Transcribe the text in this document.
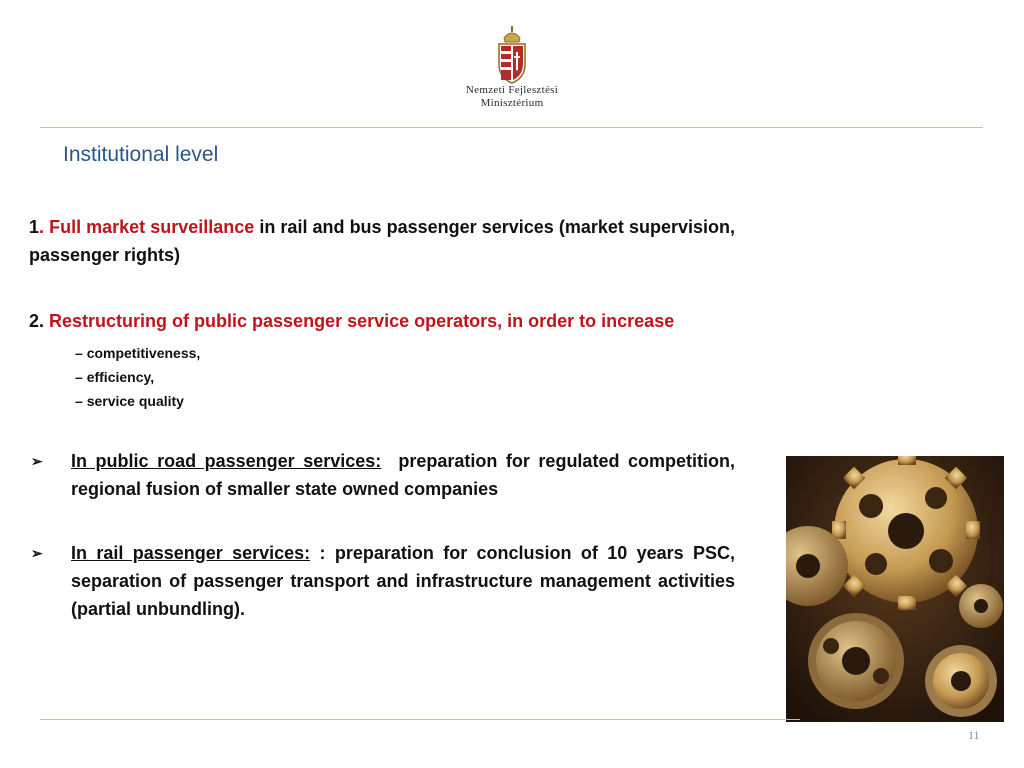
Nemzeti Fejlesztési
Minisztérium
Institutional level

1. Full market surveillance in rail and bus passenger services (market supervision, passenger rights)

2. Restructuring of public passenger service operators, in order to increase

– competitiveness,
– efficiency,
– service quality
➢	In public road passenger services: preparation for regulated competition, regional fusion of smaller state owned companies
➢	In rail passenger services: : preparation for conclusion of 10 years PSC, separation of passenger transport and infrastructure management activities (partial unbundling).
11
